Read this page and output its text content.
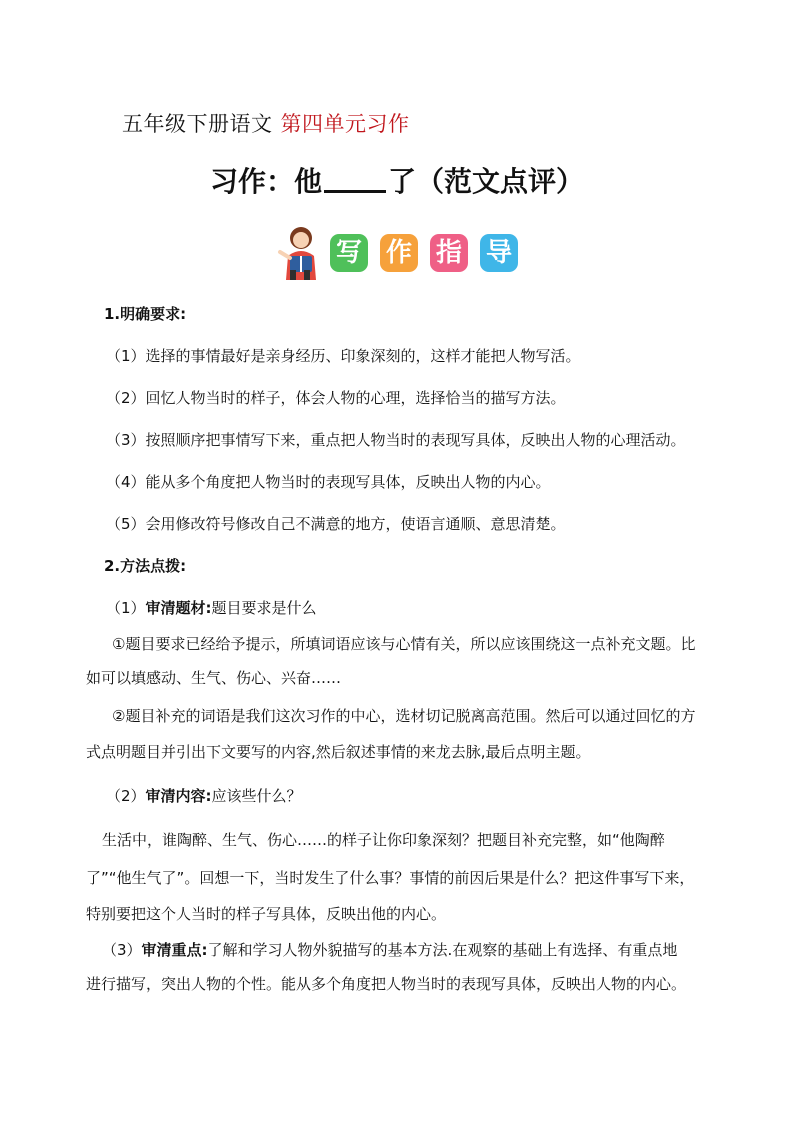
五年级下册语文 第四单元习作
习作：他 了（范文点评）
写 作 指 导
1.明确要求:
（1）选择的事情最好是亲身经历、印象深刻的，这样才能把人物写活。
（2）回忆人物当时的样子，体会人物的心理，选择恰当的描写方法。
（3）按照顺序把事情写下来，重点把人物当时的表现写具体，反映出人物的心理活动。
（4）能从多个角度把人物当时的表现写具体，反映出人物的内心。
（5）会用修改符号修改自己不满意的地方，使语言通顺、意思清楚。
2.方法点拨:
（1）审清题材:题目要求是什么
①题目要求已经给予提示，所填词语应该与心情有关，所以应该围绕这一点补充文题。比
如可以填感动、生气、伤心、兴奋……
②题目补充的词语是我们这次习作的中心，选材切记脱离高范围。然后可以通过回忆的方
式点明题目并引出下文要写的内容,然后叙述事情的来龙去脉,最后点明主题。
（2）审清内容:应该些什么？
生活中，谁陶醉、生气、伤心……的样子让你印象深刻？把题目补充完整，如“他陶醉
了”“他生气了”。回想一下，当时发生了什么事？事情的前因后果是什么？把这件事写下来，
特别要把这个人当时的样子写具体，反映出他的内心。
（3）审清重点:了解和学习人物外貌描写的基本方法.在观察的基础上有选择、有重点地
进行描写，突出人物的个性。能从多个角度把人物当时的表现写具体，反映出人物的内心。
